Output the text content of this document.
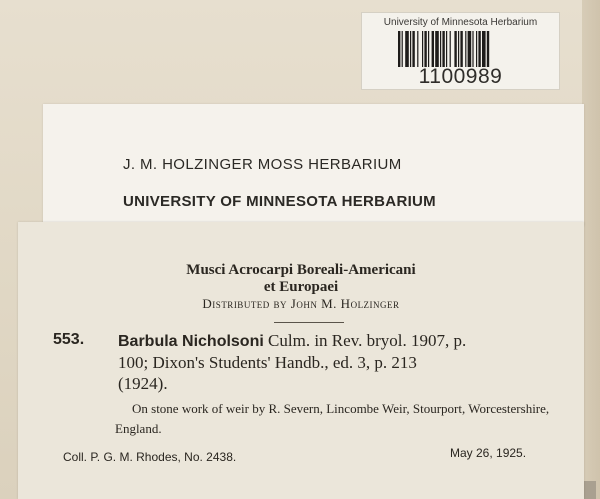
University of Minnesota Herbarium
1100989
J. M. HOLZINGER MOSS HERBARIUM
UNIVERSITY OF MINNESOTA HERBARIUM
Musci Acrocarpi Boreali-Americani
et Europaei
Distributed by John M. Holzinger
553. Barbula Nicholsoni Culm. in Rev. bryol. 1907, p.
100; Dixon's Students' Handb., ed. 3, p. 213
(1924).
On stone work of weir by R. Severn, Lincombe Weir, Stourport, Worcestershire, England.
Coll. P. G. M. Rhodes, No. 2438.	May 26, 1925.
